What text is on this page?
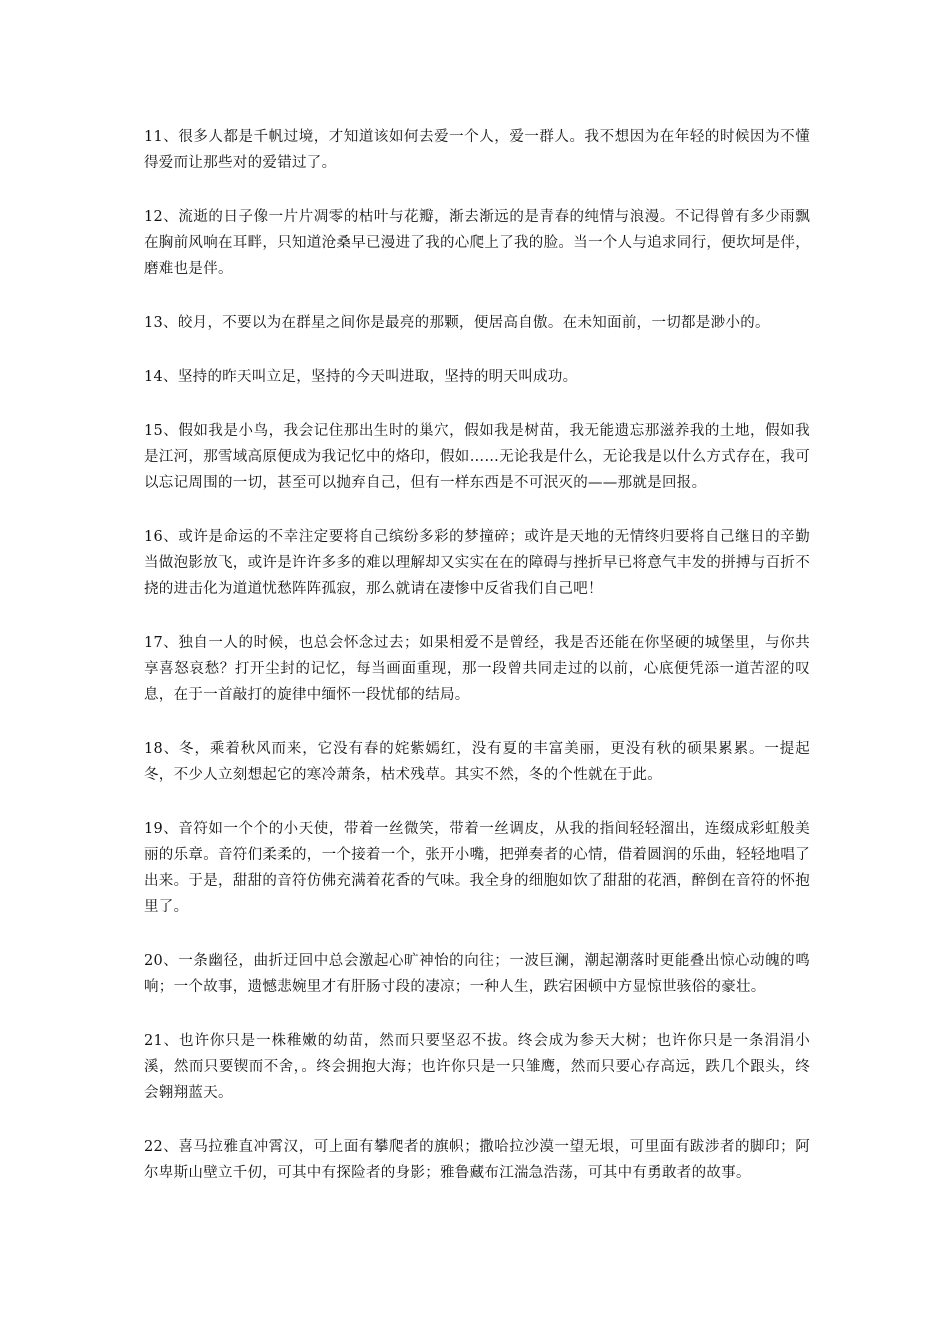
11、很多人都是千帆过境，才知道该如何去爱一个人，爱一群人。我不想因为在年轻的时候因为不懂得爱而让那些对的爱错过了。

12、流逝的日子像一片片凋零的枯叶与花瓣，渐去渐远的是青春的纯情与浪漫。不记得曾有多少雨飘在胸前风响在耳畔，只知道沧桑早已漫进了我的心爬上了我的脸。当一个人与追求同行，便坎坷是伴，磨难也是伴。

13、皎月，不要以为在群星之间你是最亮的那颗，便居高自傲。在未知面前，一切都是渺小的。

14、坚持的昨天叫立足，坚持的今天叫进取，坚持的明天叫成功。

15、假如我是小鸟，我会记住那出生时的巢穴，假如我是树苗，我无能遗忘那滋养我的土地，假如我是江河，那雪域高原便成为我记忆中的烙印，假如……无论我是什么，无论我是以什么方式存在，我可以忘记周围的一切，甚至可以抛弃自己，但有一样东西是不可泯灭的——那就是回报。

16、或许是命运的不幸注定要将自己缤纷多彩的梦撞碎；或许是天地的无情终归要将自己继日的辛勤当做泡影放飞，或许是许许多多的难以理解却又实实在在的障碍与挫折早已将意气丰发的拼搏与百折不挠的进击化为道道忧愁阵阵孤寂，那么就请在凄惨中反省我们自己吧！

17、独自一人的时候，也总会怀念过去；如果相爱不是曾经，我是否还能在你坚硬的城堡里，与你共享喜怒哀愁？打开尘封的记忆，每当画面重现，那一段曾共同走过的以前，心底便凭添一道苦涩的叹息，在于一首敲打的旋律中缅怀一段忧郁的结局。

18、冬，乘着秋风而来，它没有春的姹紫嫣红，没有夏的丰富美丽，更没有秋的硕果累累。一提起冬，不少人立刻想起它的寒冷萧条，枯术残草。其实不然，冬的个性就在于此。

19、音符如一个个的小天使，带着一丝微笑，带着一丝调皮，从我的指间轻轻溜出，连缀成彩虹般美丽的乐章。音符们柔柔的，一个接着一个，张开小嘴，把弹奏者的心情，借着圆润的乐曲，轻轻地唱了出来。于是，甜甜的音符仿佛充满着花香的气味。我全身的细胞如饮了甜甜的花酒，醉倒在音符的怀抱里了。

20、一条幽径，曲折迂回中总会激起心旷神怡的向往；一波巨澜，潮起潮落时更能叠出惊心动魄的鸣响；一个故事，遗憾悲婉里才有肝肠寸段的凄凉；一种人生，跌宕困顿中方显惊世骇俗的豪壮。

21、也许你只是一株稚嫩的幼苗，然而只要坚忍不拔。终会成为参天大树；也许你只是一条涓涓小溪，然而只要锲而不舍，。终会拥抱大海；也许你只是一只雏鹰，然而只要心存高远，跌几个跟头，终会翱翔蓝天。

22、喜马拉雅直冲霄汉，可上面有攀爬者的旗帜；撒哈拉沙漠一望无垠，可里面有跋涉者的脚印；阿尔卑斯山壁立千仞，可其中有探险者的身影；雅鲁藏布江湍急浩荡，可其中有勇敢者的故事。
